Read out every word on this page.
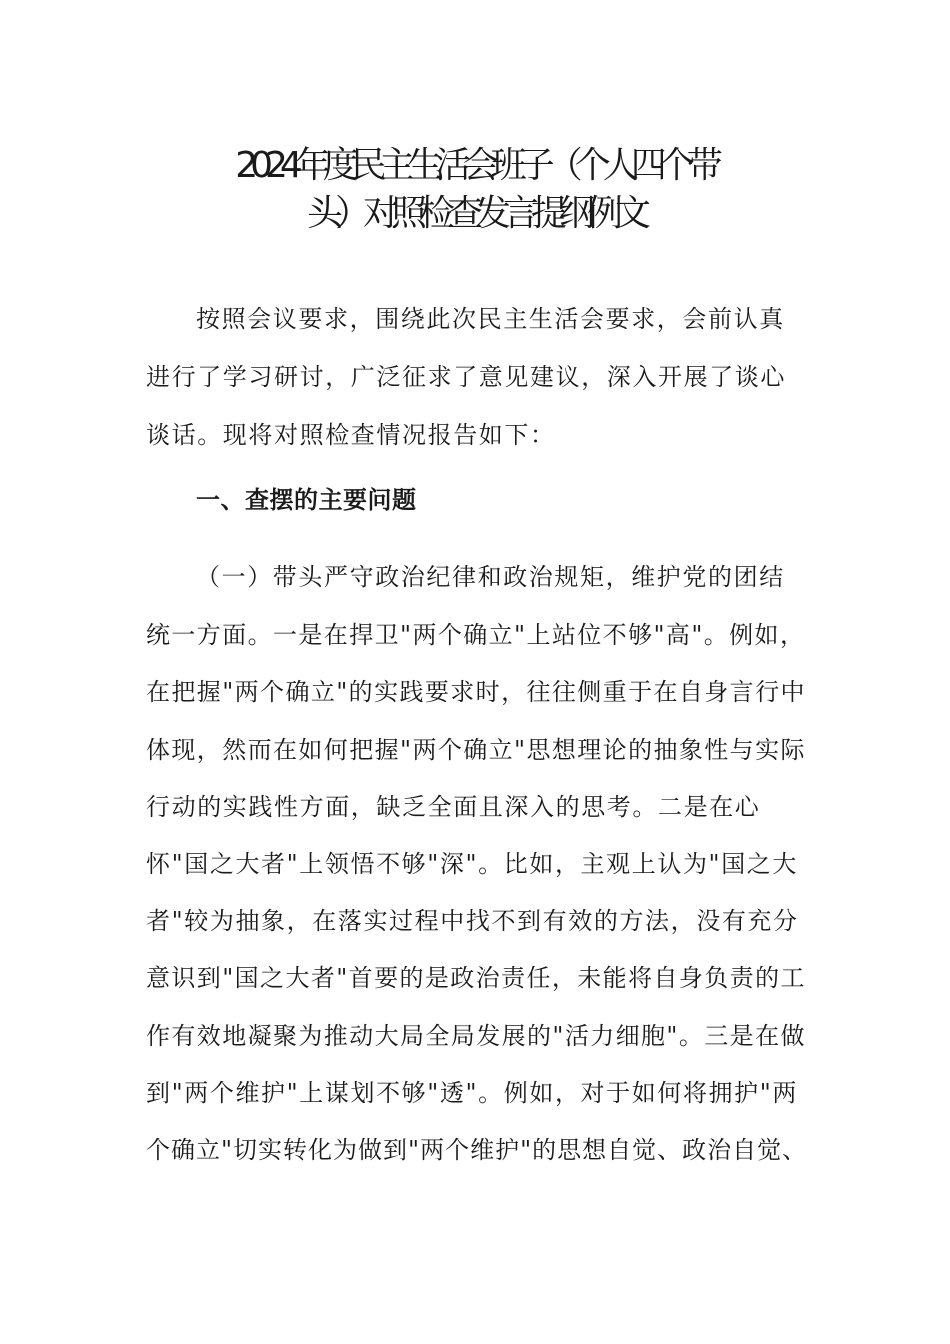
2024年度民主生活会班子（个人四个带
头）对照检查发言提纲例文
按照会议要求，围绕此次民主生活会要求，会前认真
进行了学习研讨，广泛征求了意见建议，深入开展了谈心
谈话。现将对照检查情况报告如下：
一、查摆的主要问题
（一）带头严守政治纪律和政治规矩，维护党的团结
统一方面。一是在捍卫"两个确立"上站位不够"高"。例如，
在把握"两个确立"的实践要求时，往往侧重于在自身言行中
体现，然而在如何把握"两个确立"思想理论的抽象性与实际
行动的实践性方面，缺乏全面且深入的思考。二是在心
怀"国之大者"上领悟不够"深"。比如，主观上认为"国之大
者"较为抽象，在落实过程中找不到有效的方法，没有充分
意识到"国之大者"首要的是政治责任，未能将自身负责的工
作有效地凝聚为推动大局全局发展的"活力细胞"。三是在做
到"两个维护"上谋划不够"透"。例如，对于如何将拥护"两
个确立"切实转化为做到"两个维护"的思想自觉、政治自觉、
